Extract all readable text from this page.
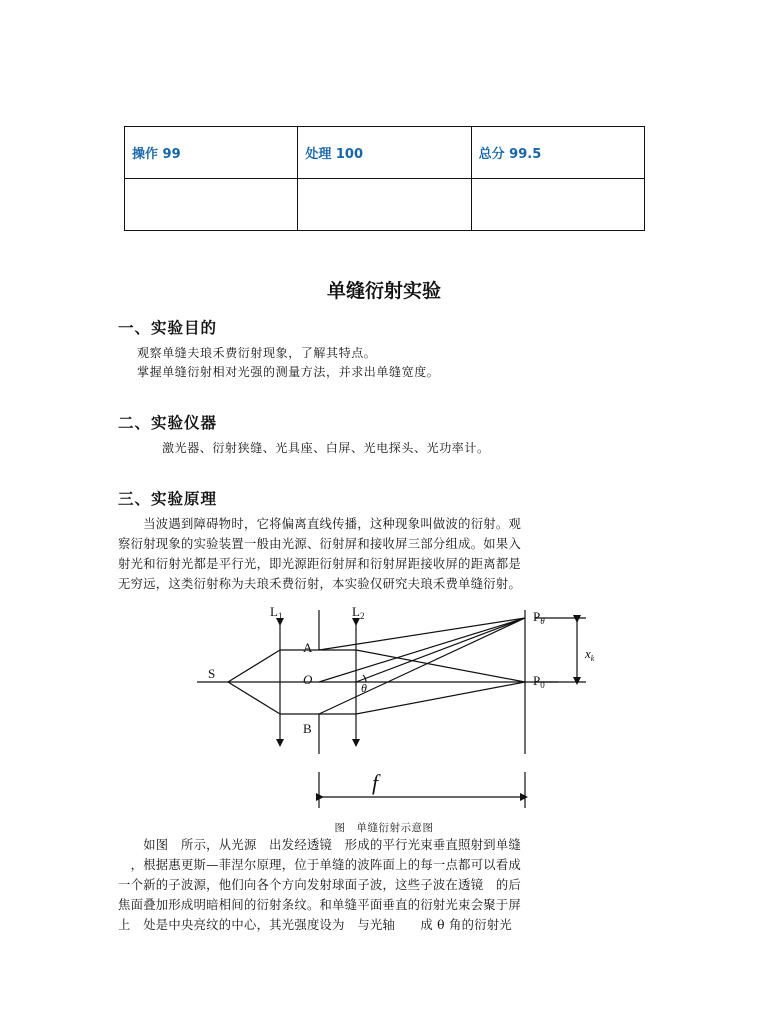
操作 99	处理 100	总分 99.5

单缝衍射实验
一、实验目的
观察单缝夫琅禾费衍射现象，了解其特点。
掌握单缝衍射相对光强的测量方法，并求出单缝宽度。
二、实验仪器
激光器、衍射狭缝、光具座、白屏、光电探头、光功率计。
三、实验原理
　　当波遇到障碍物时，它将偏离直线传播，这种现象叫做波的衍射。观
察衍射现象的实验装置一般由光源、衍射屏和接收屏三部分组成。如果入
射光和衍射光都是平行光，即光源距衍射屏和衍射屏距接收屏的距离都是
无穷远，这类衍射称为夫琅禾费衍射，本实验仅研究夫琅禾费单缝衍射。
$L_1$	$L_2$
S
A
B
O
θ
$P_\theta$
$P_0$
$x_k$
f
图　单缝衍射示意图
　　如图　所示，从光源　出发经透镜　形成的平行光束垂直照射到单缝
　，根据惠更斯—菲涅尔原理，位于单缝的波阵面上的每一点都可以看成
一个新的子波源，他们向各个方向发射球面子波，这些子波在透镜　的后
焦面叠加形成明暗相间的衍射条纹。和单缝平面垂直的衍射光束会聚于屏
上　处是中央亮纹的中心，其光强度设为　与光轴　　成 θ 角的衍射光
